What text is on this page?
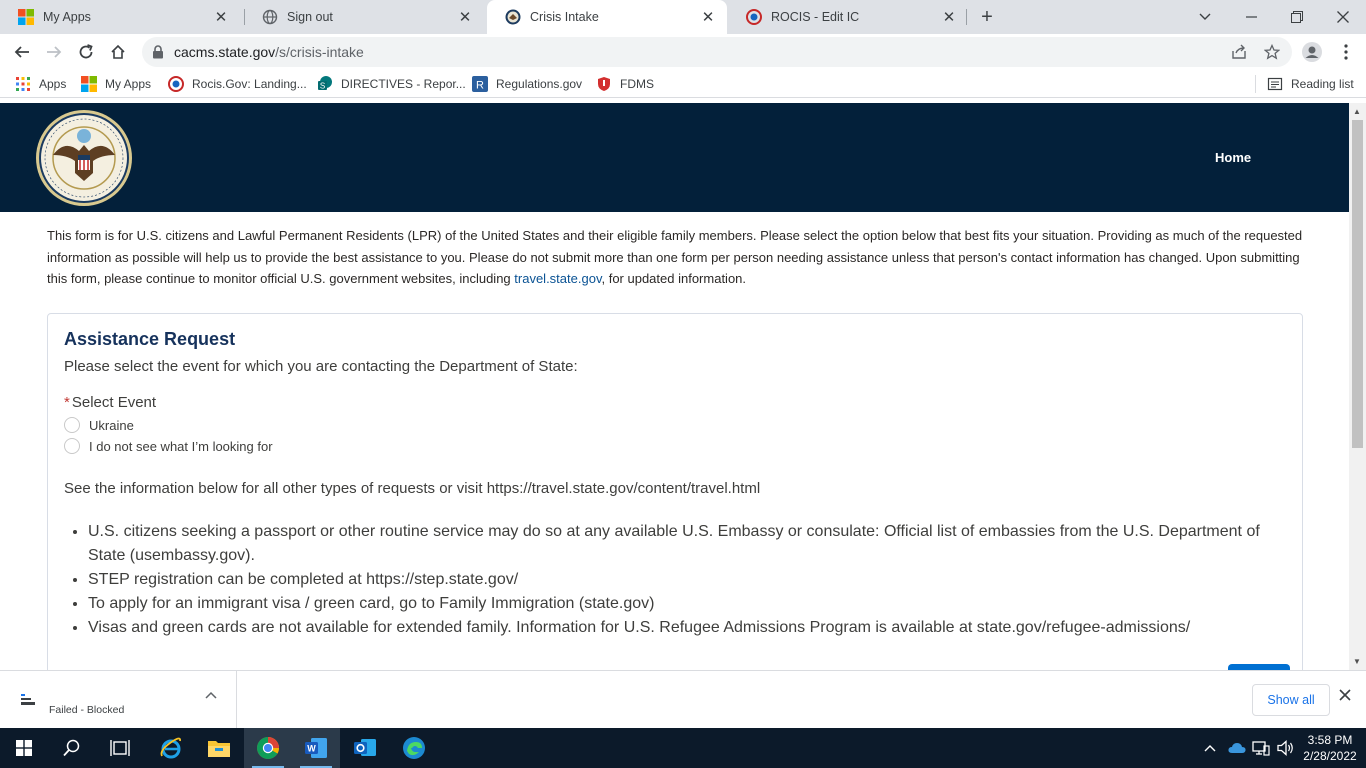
My Apps	✕	Sign out	✕	Crisis Intake	✕	ROCIS - Edit IC	✕ +
cacms.state.gov/s/crisis-intake
Apps	My Apps	Rocis.Gov: Landing... S DIRECTIVES - Repor... R Regulations.gov	FDMS	Reading list
Home
This form is for U.S. citizens and Lawful Permanent Residents (LPR) of the United States and their eligible family members. Please select the option below that best fits your situation. Providing as much of the requested information as possible will help us to provide the best assistance to you. Please do not submit more than one form per person needing assistance unless that person's contact information has changed. Upon submitting this form, please continue to monitor official U.S. government websites, including travel.state.gov, for updated information.
Assistance Request
Please select the event for which you are contacting the Department of State:
* Select Event
Ukraine
I do not see what I’m looking for
See the information below for all other types of requests or visit https://travel.state.gov/content/travel.html
• U.S. citizens seeking a passport or other routine service may do so at any available U.S. Embassy or consulate: Official list of embassies from the U.S. Department of State (usembassy.gov).
• STEP registration can be completed at https://step.state.gov/
• To apply for an immigrant visa / green card, go to Family Immigration (state.gov)
• Visas and green cards are not available for extended family. Information for U.S. Refugee Admissions Program is available at state.gov/refugee-admissions/
▲
▼
Failed - Blocked
Show all
W
3:58 PM
2/28/2022
